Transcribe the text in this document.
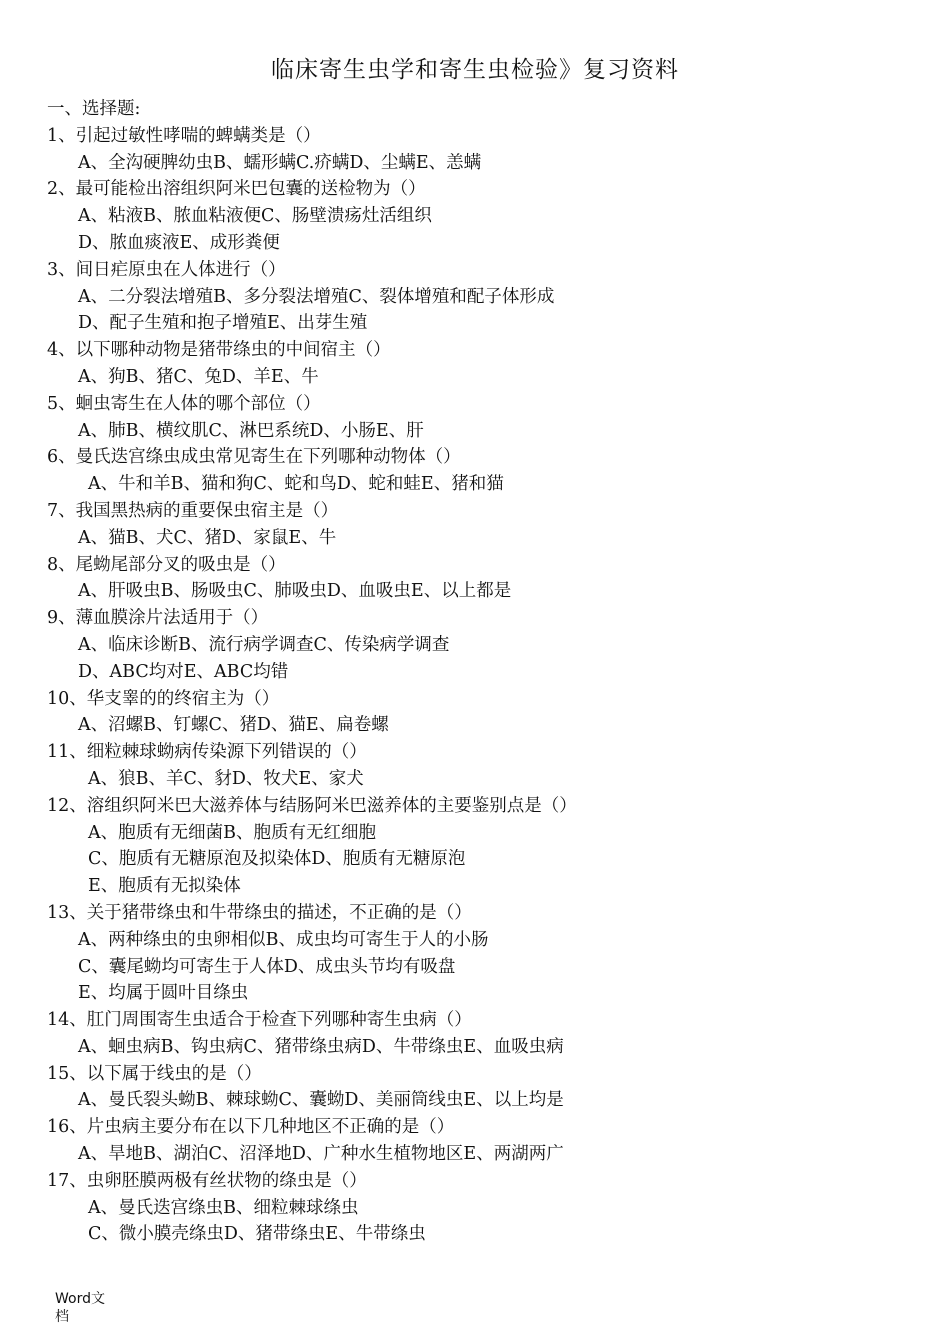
临床寄生虫学和寄生虫检验》复习资料
一、选择题:
1、引起过敏性哮喘的蜱螨类是（）
A、全沟硬脾幼虫B、蠕形螨C.疥螨D、尘螨E、恙螨
2、最可能检出溶组织阿米巴包囊的送检物为（）
A、粘液B、脓血粘液便C、肠壁溃疡灶活组织
D、脓血痰液E、成形粪便
3、间日疟原虫在人体进行（）
A、二分裂法增殖B、多分裂法增殖C、裂体增殖和配子体形成
D、配子生殖和抱子增殖E、出芽生殖
4、以下哪种动物是猪带绦虫的中间宿主（）
A、狗B、猪C、兔D、羊E、牛
5、蛔虫寄生在人体的哪个部位（）
A、肺B、横纹肌C、淋巴系统D、小肠E、肝
6、曼氏迭宫绦虫成虫常见寄生在下列哪种动物体（）
A、牛和羊B、猫和狗C、蛇和鸟D、蛇和蛙E、猪和猫
7、我国黑热病的重要保虫宿主是（）
A、猫B、犬C、猪D、家鼠E、牛
8、尾蚴尾部分叉的吸虫是（）
A、肝吸虫B、肠吸虫C、肺吸虫D、血吸虫E、以上都是
9、薄血膜涂片法适用于（）
A、临床诊断B、流行病学调查C、传染病学调查
D、ABC均对E、ABC均错
10、华支睾的的终宿主为（）
A、沼螺B、钉螺C、猪D、猫E、扁卷螺
11、细粒棘球蚴病传染源下列错误的（）
A、狼B、羊C、豺D、牧犬E、家犬
12、溶组织阿米巴大滋养体与结肠阿米巴滋养体的主要鉴别点是（）
A、胞质有无细菌B、胞质有无红细胞
C、胞质有无糖原泡及拟染体D、胞质有无糖原泡
E、胞质有无拟染体
13、关于猪带绦虫和牛带绦虫的描述，不正确的是（）
A、两种绦虫的虫卵相似B、成虫均可寄生于人的小肠
C、囊尾蚴均可寄生于人体D、成虫头节均有吸盘
E、均属于圆叶目绦虫
14、肛门周围寄生虫适合于检查下列哪种寄生虫病（）
A、蛔虫病B、钩虫病C、猪带绦虫病D、牛带绦虫E、血吸虫病
15、以下属于线虫的是（）
A、曼氏裂头蚴B、棘球蚴C、囊蚴D、美丽筒线虫E、以上均是
16、片虫病主要分布在以下几种地区不正确的是（）
A、旱地B、湖泊C、沼泽地D、广种水生植物地区E、两湖两广
17、虫卵胚膜两极有丝状物的绦虫是（）
A、曼氏迭宫绦虫B、细粒棘球绦虫
C、微小膜壳绦虫D、猪带绦虫E、牛带绦虫
Word文档
